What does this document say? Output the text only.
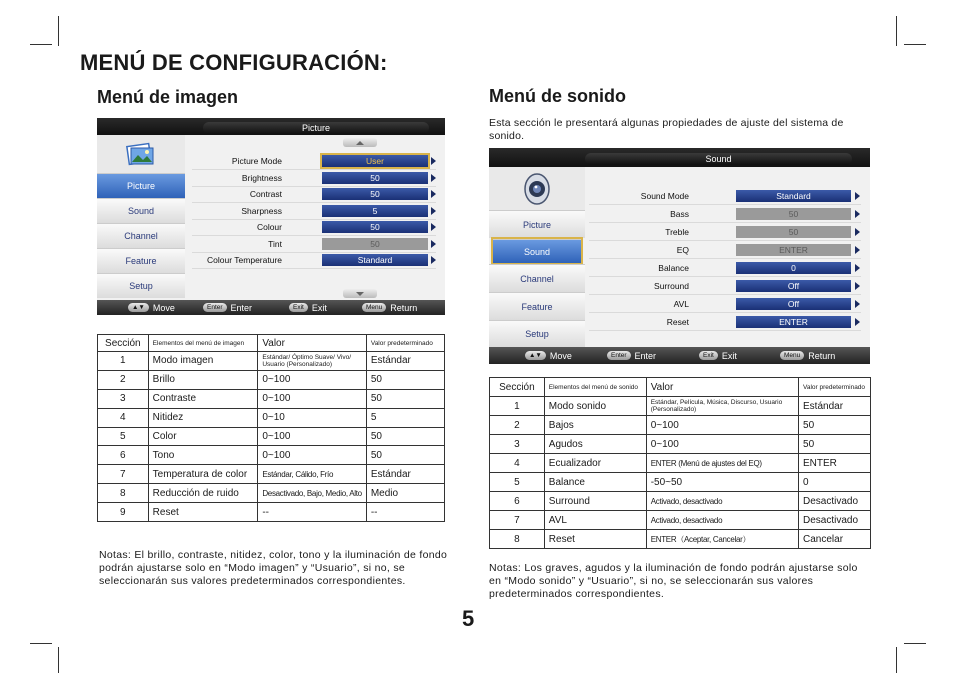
MENÚ DE CONFIGURACIÓN:
Menú de imagen	Menú de sonido
Esta sección le presentará algunas propiedades de ajuste del sistema de sonido.
Picture
Picture
Sound
Channel
Feature
Setup
Picture Mode	User
Brightness	50
Contrast	50
Sharpness	5
Colour	50
Tint	50
Colour Temperature	Standard
▲▼ Move	Enter Enter	Exit Exit	Menu Return
Sound
Picture
Sound
Channel
Feature
Setup
Sound Mode	Standard
Bass	50
Treble	50
EQ	ENTER
Balance	0
Surround	Off
AVL	Off
Reset	ENTER
▲▼ Move	Enter Enter	Exit Exit	Menu Return
Sección	Elementos del menú de imagen	Valor	Valor predeterminado
1	Modo imagen	Estándar/ Óptimo Suave/ Vivo/ Usuario (Personalizado)	Estándar
2	Brillo	0~100	50
3	Contraste	0~100	50
4	Nitidez	0~10	5
5	Color	0~100	50
6	Tono	0~100	50
7	Temperatura de color	Estándar, Cálido, Frío	Estándar
8	Reducción de ruido	Desactivado, Bajo, Medio, Alto	Medio
9	Reset	--	--
Sección	Elementos del menú de sonido	Valor	Valor predeterminado
1	Modo sonido	Estándar, Película, Música, Discurso, Usuario (Personalizado)	Estándar
2	Bajos	0~100	50
3	Agudos	0~100	50
4	Ecualizador	ENTER (Menú de ajustes del EQ)	ENTER
5	Balance	-50~50	0
6	Surround	Activado, desactivado	Desactivado
7	AVL	Activado, desactivado	Desactivado
8	Reset	ENTER（Aceptar, Cancelar）	Cancelar
Notas: El brillo, contraste, nitidez, color, tono y la iluminación de fondo podrán ajustarse solo en “Modo imagen” y “Usuario”, si no, se seleccionarán sus valores predeterminados correspondientes.
Notas: Los graves, agudos y la iluminación de fondo podrán ajustarse solo en “Modo sonido” y “Usuario”, si no, se seleccionarán sus valores predeterminados correspondientes.
5
